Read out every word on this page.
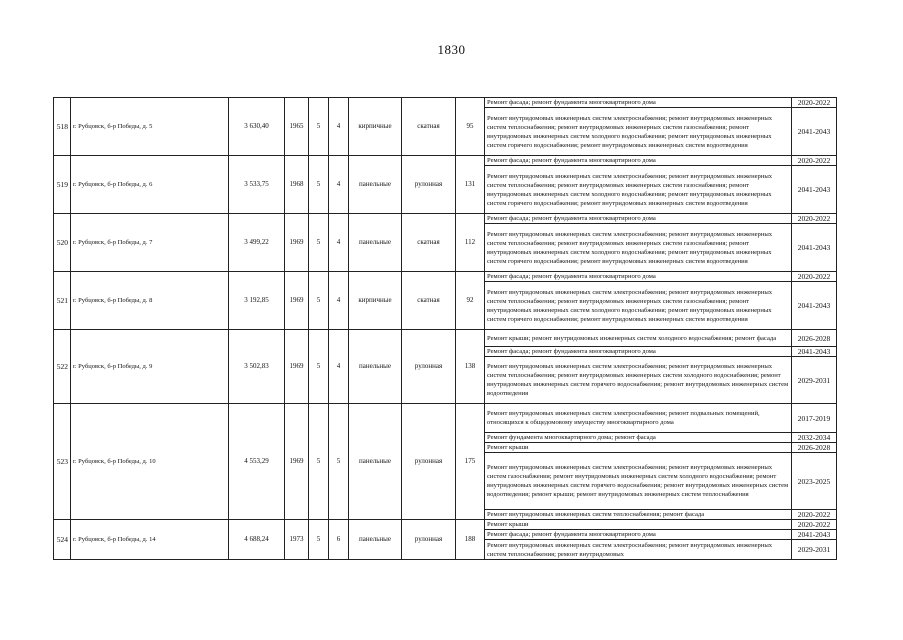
1830
518	г. Рубцовск, б-р Победы, д. 5	3 630,40	1965	5	4	кирпичные	скатная	95	Ремонт фасада; ремонт фундамента многоквартирного дома	2020-2022
									Ремонт внутридомовых инженерных систем электроснабжения; ремонт внутридомовых инженерных систем теплоснабжения; ремонт внутридомовых инженерных систем газоснабжения; ремонт внутридомовых инженерных систем холодного водоснабжения; ремонт внутридомовых инженерных систем горячего водоснабжения; ремонт внутридомовых инженерных систем водоотведения	2041-2043
519	г. Рубцовск, б-р Победы, д. 6	3 533,75	1968	5	4	панельные	рулонная	131	Ремонт фасада; ремонт фундамента многоквартирного дома	2020-2022
									Ремонт внутридомовых инженерных систем электроснабжения; ремонт внутридомовых инженерных систем теплоснабжения; ремонт внутридомовых инженерных систем газоснабжения; ремонт внутридомовых инженерных систем холодного водоснабжения; ремонт внутридомовых инженерных систем горячего водоснабжения; ремонт внутридомовых инженерных систем водоотведения	2041-2043
520	г. Рубцовск, б-р Победы, д. 7	3 499,22	1969	5	4	панельные	скатная	112	Ремонт фасада; ремонт фундамента многоквартирного дома	2020-2022
									Ремонт внутридомовых инженерных систем электроснабжения; ремонт внутридомовых инженерных систем теплоснабжения; ремонт внутридомовых инженерных систем газоснабжения; ремонт внутридомовых инженерных систем холодного водоснабжения; ремонт внутридомовых инженерных систем горячего водоснабжения; ремонт внутридомовых инженерных систем водоотведения	2041-2043
521	г. Рубцовск, б-р Победы, д. 8	3 192,85	1969	5	4	кирпичные	скатная	92	Ремонт фасада; ремонт фундамента многоквартирного дома	2020-2022
									Ремонт внутридомовых инженерных систем электроснабжения; ремонт внутридомовых инженерных систем теплоснабжения; ремонт внутридомовых инженерных систем газоснабжения; ремонт внутридомовых инженерных систем холодного водоснабжения; ремонт внутридомовых инженерных систем горячего водоснабжения; ремонт внутридомовых инженерных систем водоотведения	2041-2043
522	г. Рубцовск, б-р Победы, д. 9	3 502,83	1969	5	4	панельные	рулонная	138	Ремонт крыши; ремонт внутридомовых инженерных систем холодного водоснабжения; ремонт фасада	2026-2028
									Ремонт фасада; ремонт фундамента многоквартирного дома	2041-2043
									Ремонт внутридомовых инженерных систем электроснабжения; ремонт внутридомовых инженерных систем теплоснабжения; ремонт внутридомовых инженерных систем холодного водоснабжения; ремонт внутридомовых инженерных систем горячего водоснабжения; ремонт внутридомовых инженерных систем водоотведения	2029-2031
523	г. Рубцовск, б-р Победы, д. 10	4 553,29	1969	5	5	панельные	рулонная	175	Ремонт внутридомовых инженерных систем электроснабжения; ремонт подвальных помещений, относящихся к общедомовому имуществу многоквартирного дома	2017-2019
									Ремонт фундамента многоквартирного дома; ремонт фасада	2032-2034
									Ремонт крыши	2026-2028
									Ремонт внутридомовых инженерных систем электроснабжения; ремонт внутридомовых инженерных систем газоснабжения; ремонт внутридомовых инженерных систем холодного водоснабжения; ремонт внутридомовых инженерных систем горячего водоснабжения; ремонт внутридомовых инженерных систем водоотведения; ремонт крыши; ремонт внутридомовых инженерных систем теплоснабжения	2023-2025
									Ремонт внутридомовых инженерных систем теплоснабжения; ремонт фасада	2020-2022
524	г. Рубцовск, б-р Победы, д. 14	4 688,24	1973	5	6	панельные	рулонная	188	Ремонт крыши	2020-2022
									Ремонт фасада; ремонт фундамента многоквартирного дома	2041-2043
									Ремонт внутридомовых инженерных систем электроснабжения; ремонт внутридомовых инженерных систем теплоснабжения; ремонт внутридомовых	2029-2031
